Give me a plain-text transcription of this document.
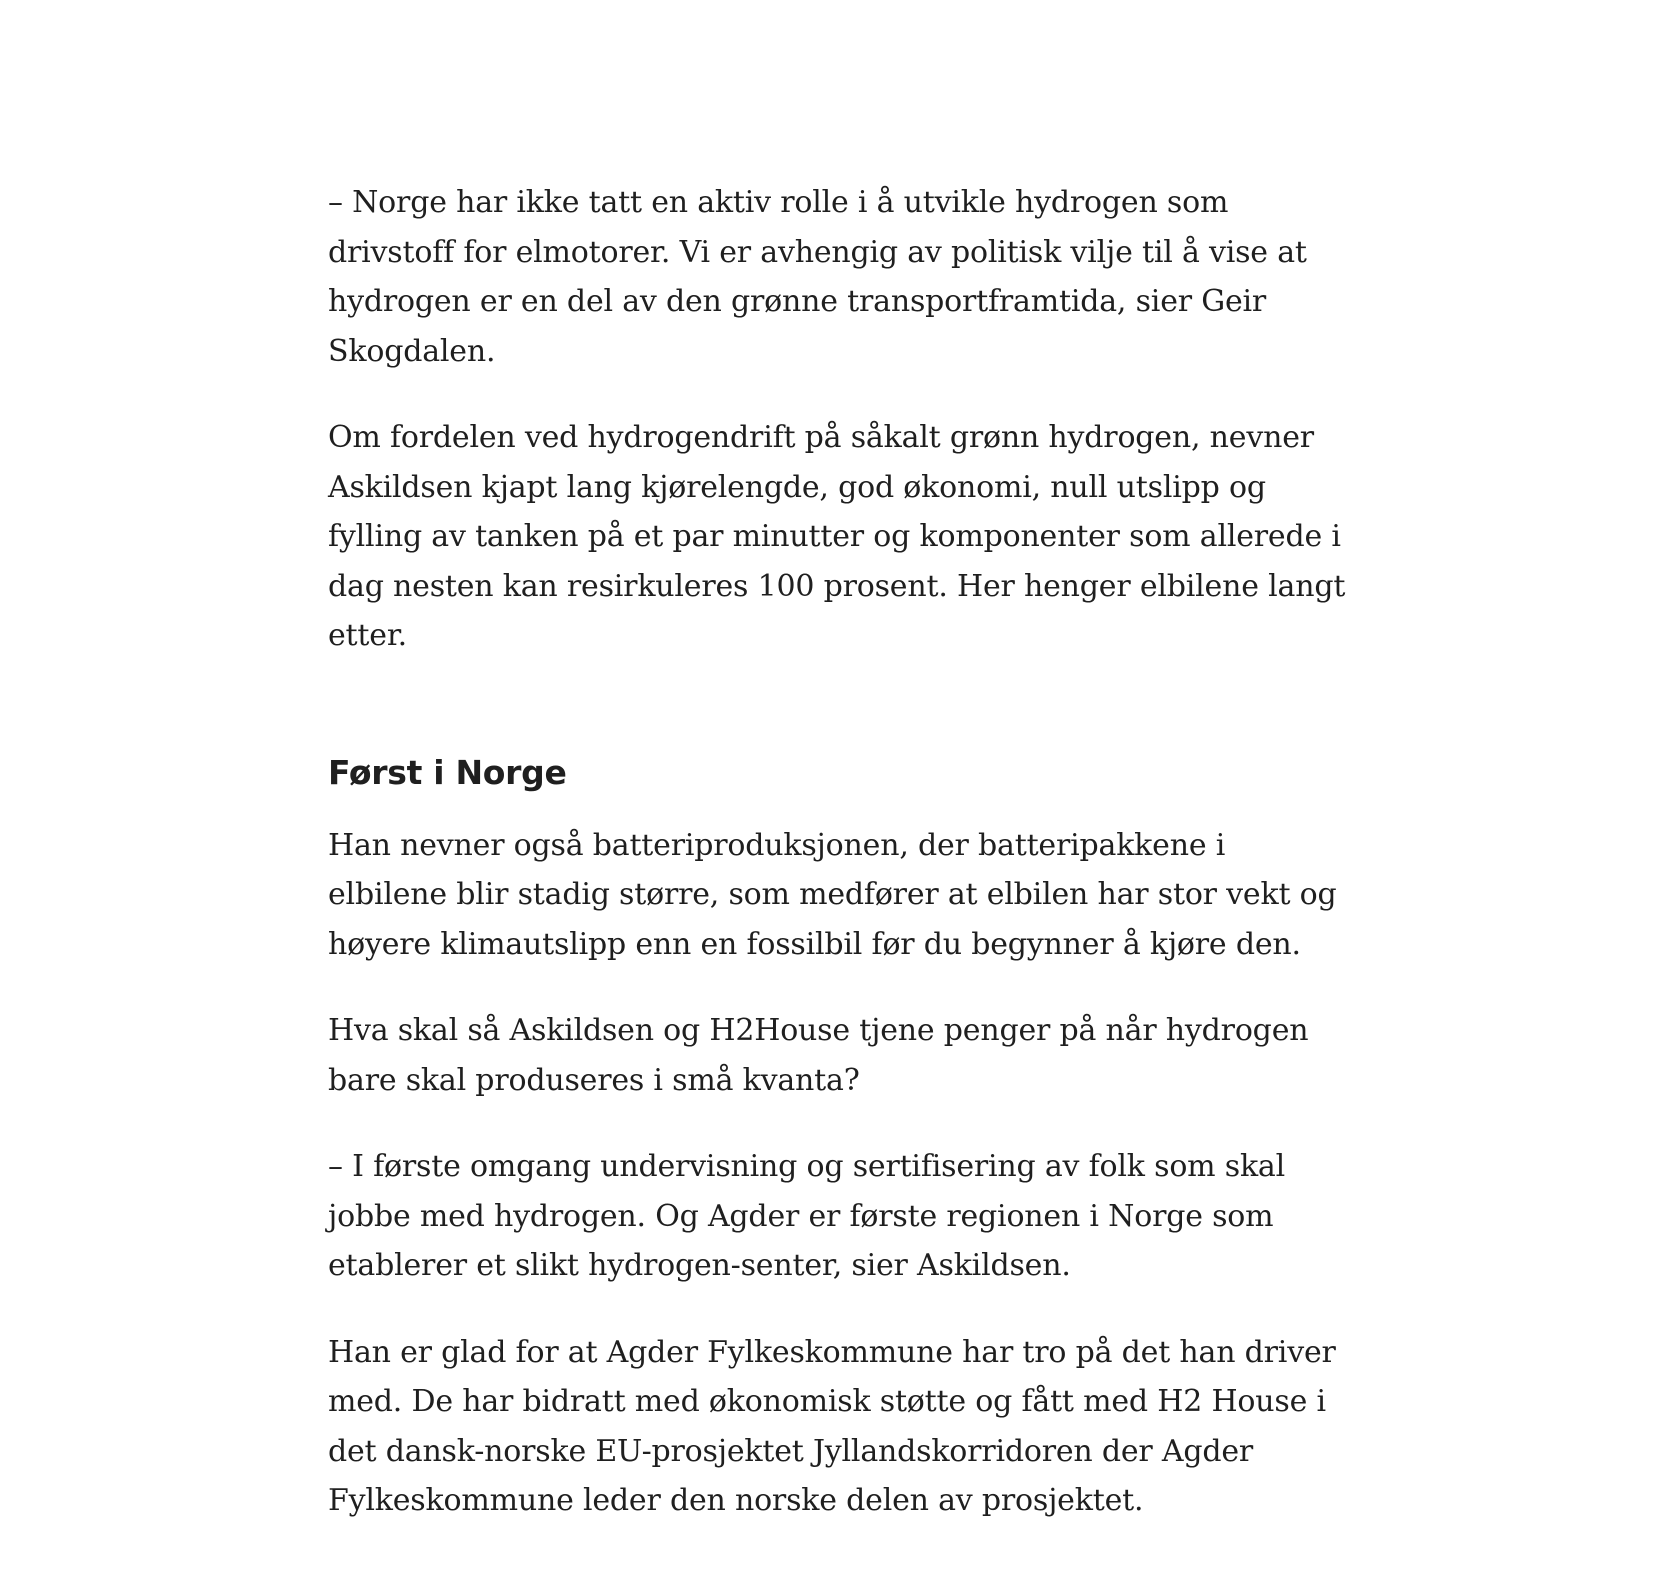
– Norge har ikke tatt en aktiv rolle i å utvikle hydrogen som drivstoff for elmotorer. Vi er avhengig av politisk vilje til å vise at hydrogen er en del av den grønne transportframtida, sier Geir Skogdalen.

Om fordelen ved hydrogendrift på såkalt grønn hydrogen, nevner Askildsen kjapt lang kjørelengde, god økonomi, null utslipp og fylling av tanken på et par minutter og komponenter som allerede i dag nesten kan resirkuleres 100 prosent. Her henger elbilene langt etter.

Først i Norge

Han nevner også batteriproduksjonen, der batteripakkene i elbilene blir stadig større, som medfører at elbilen har stor vekt og høyere klimautslipp enn en fossilbil før du begynner å kjøre den.

Hva skal så Askildsen og H2House tjene penger på når hydrogen bare skal produseres i små kvanta?

– I første omgang undervisning og sertifisering av folk som skal jobbe med hydrogen. Og Agder er første regionen i Norge som etablerer et slikt hydrogen-senter, sier Askildsen.

Han er glad for at Agder Fylkeskommune har tro på det han driver med. De har bidratt med økonomisk støtte og fått med H2 House i det dansk-norske EU-prosjektet Jyllandskorridoren der Agder Fylkeskommune leder den norske delen av prosjektet.
